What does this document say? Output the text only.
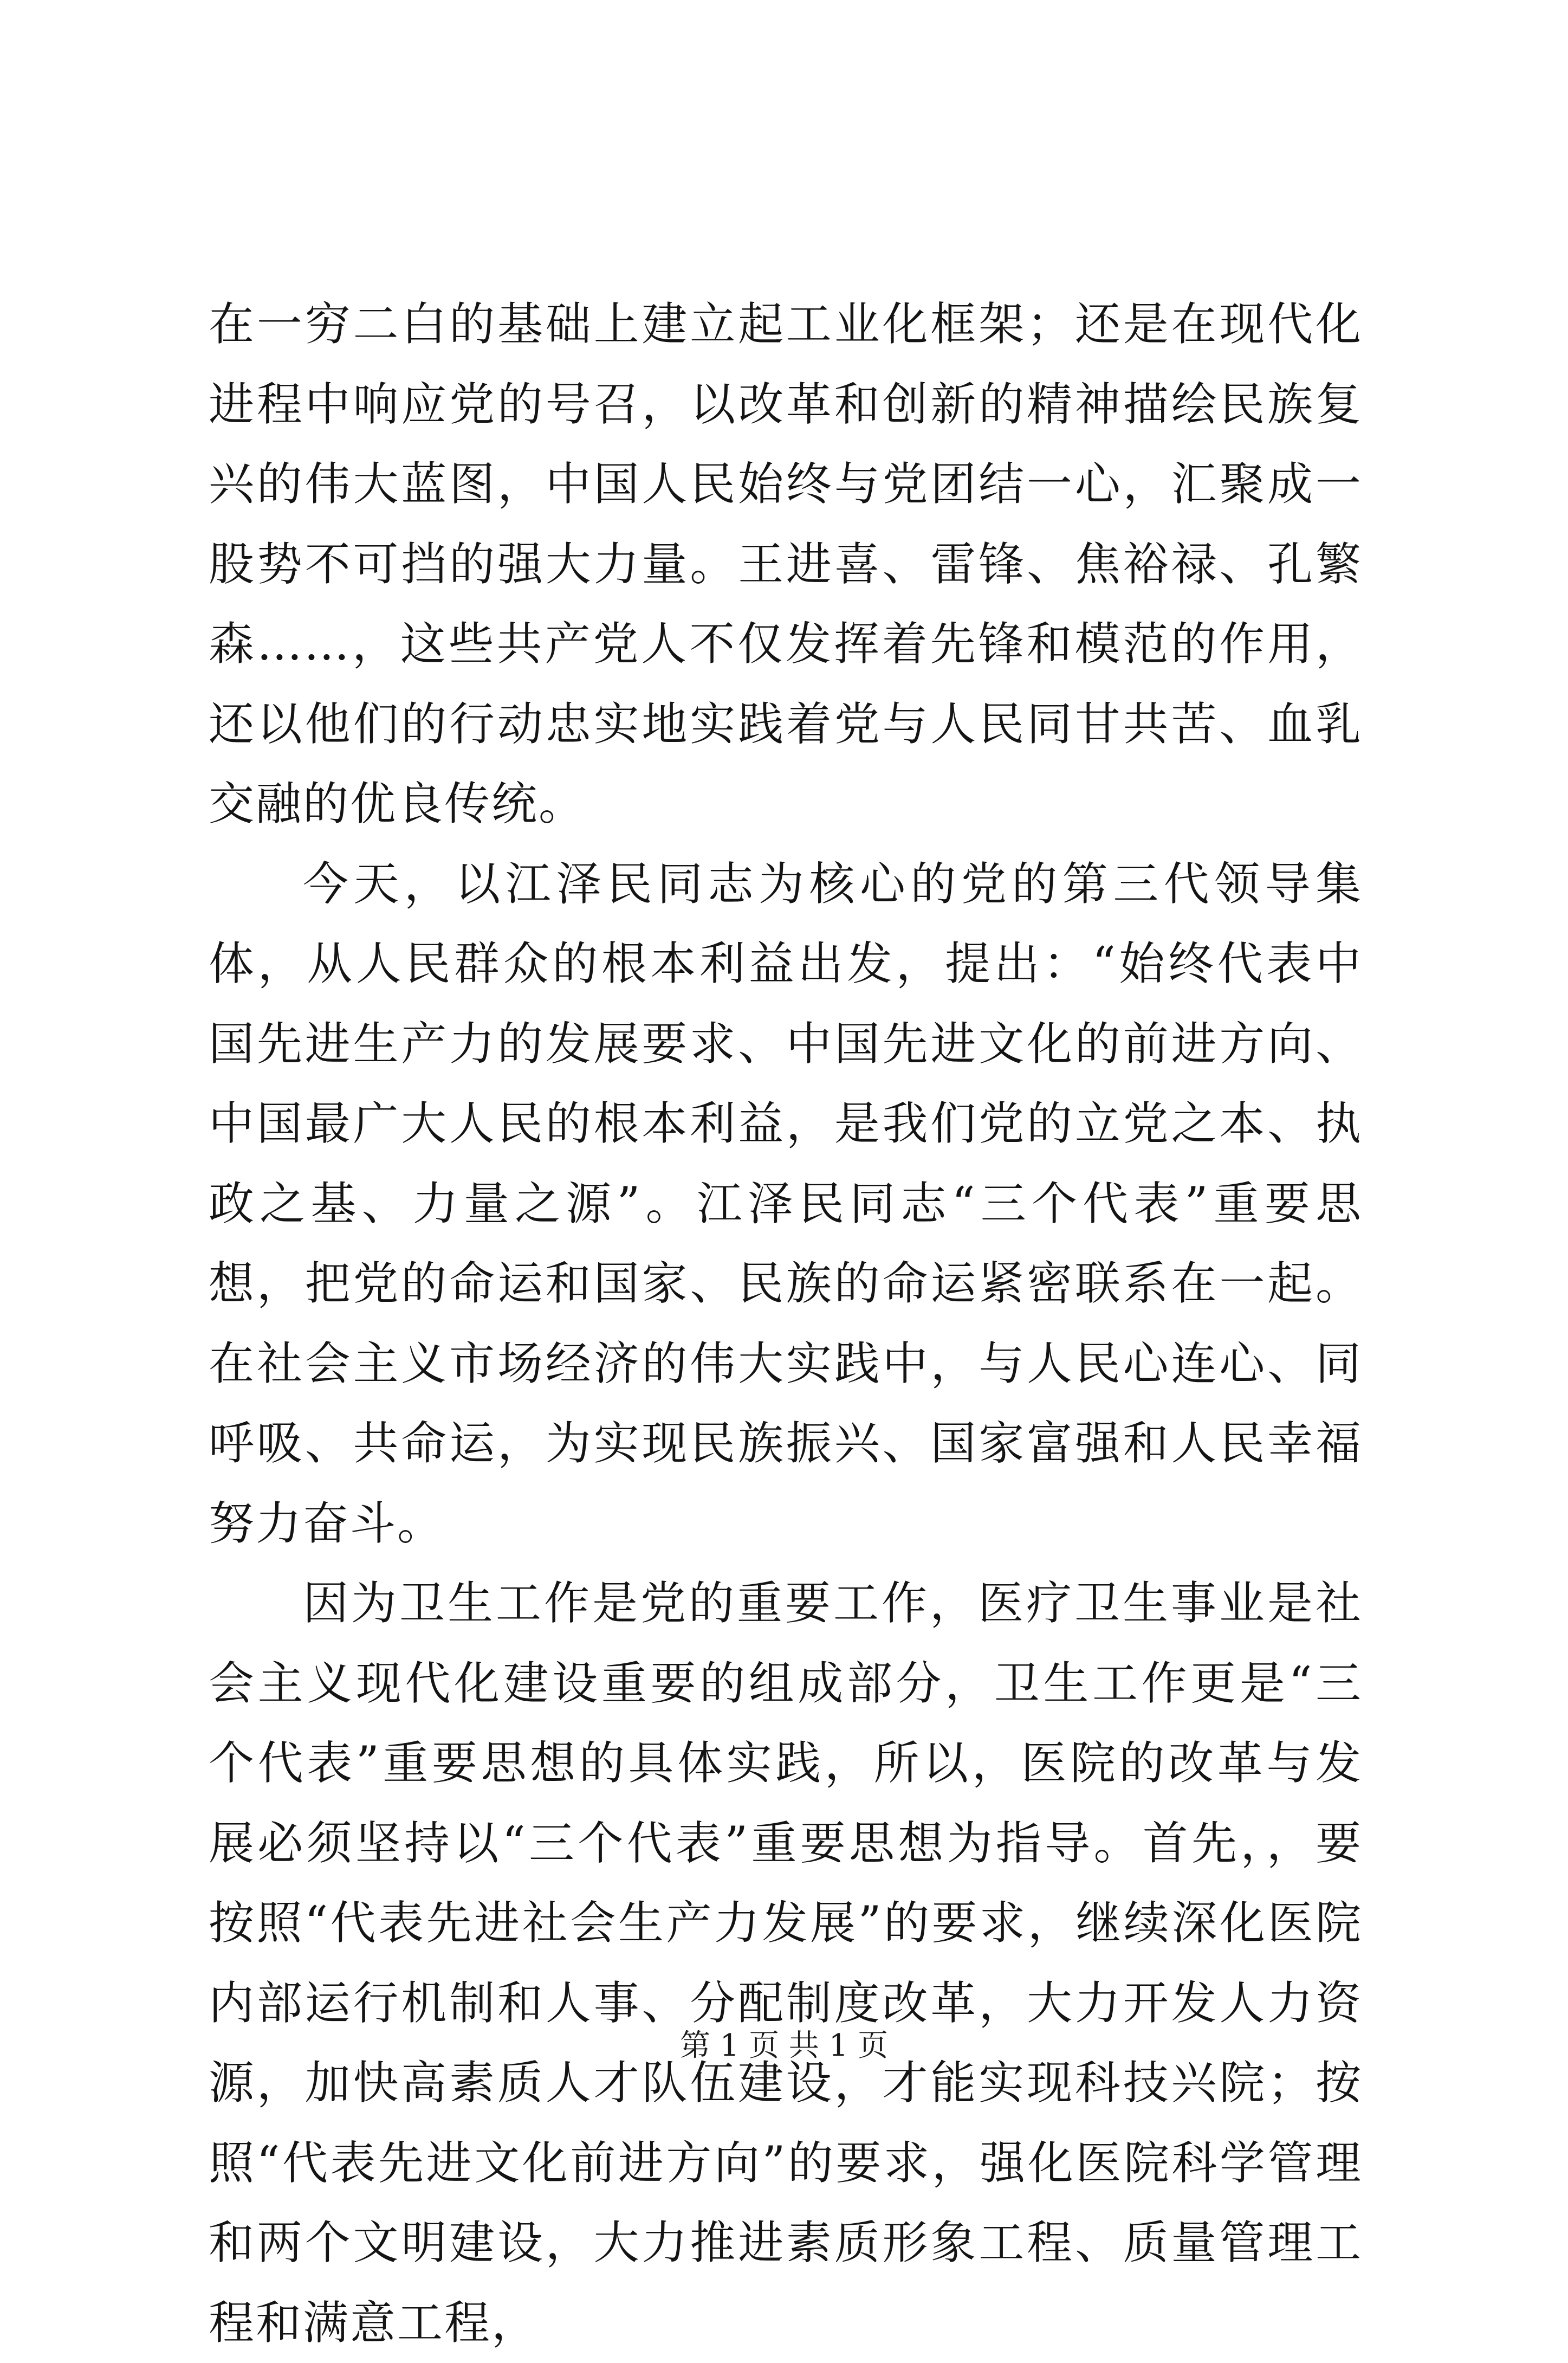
在一穷二白的基础上建立起工业化框架；还是在现代化进程中响应党的号召，以改革和创新的精神描绘民族复兴的伟大蓝图，中国人民始终与党团结一心，汇聚成一股势不可挡的强大力量。王进喜、雷锋、焦裕禄、孔繁森……，这些共产党人不仅发挥着先锋和模范的作用，还以他们的行动忠实地实践着党与人民同甘共苦、血乳交融的优良传统。

今天，以江泽民同志为核心的党的第三代领导集体，从人民群众的根本利益出发，提出：“始终代表中国先进生产力的发展要求、中国先进文化的前进方向、中国最广大人民的根本利益，是我们党的立党之本、执政之基、力量之源”。江泽民同志“三个代表”重要思想，把党的命运和国家、民族的命运紧密联系在一起。在社会主义市场经济的伟大实践中，与人民心连心、同呼吸、共命运，为实现民族振兴、国家富强和人民幸福努力奋斗。

因为卫生工作是党的重要工作，医疗卫生事业是社会主义现代化建设重要的组成部分，卫生工作更是“三个代表”重要思想的具体实践，所以，医院的改革与发展必须坚持以“三个代表”重要思想为指导。首先，，要按照“代表先进社会生产力发展”的要求，继续深化医院内部运行机制和人事、分配制度改革，大力开发人力资源，加快高素质人才队伍建设，才能实现科技兴院；按照“代表先进文化前进方向”的要求，强化医院科学管理和两个文明建设，大力推进素质形象工程、质量管理工程和满意工程，

第 1 页 共 1 页
